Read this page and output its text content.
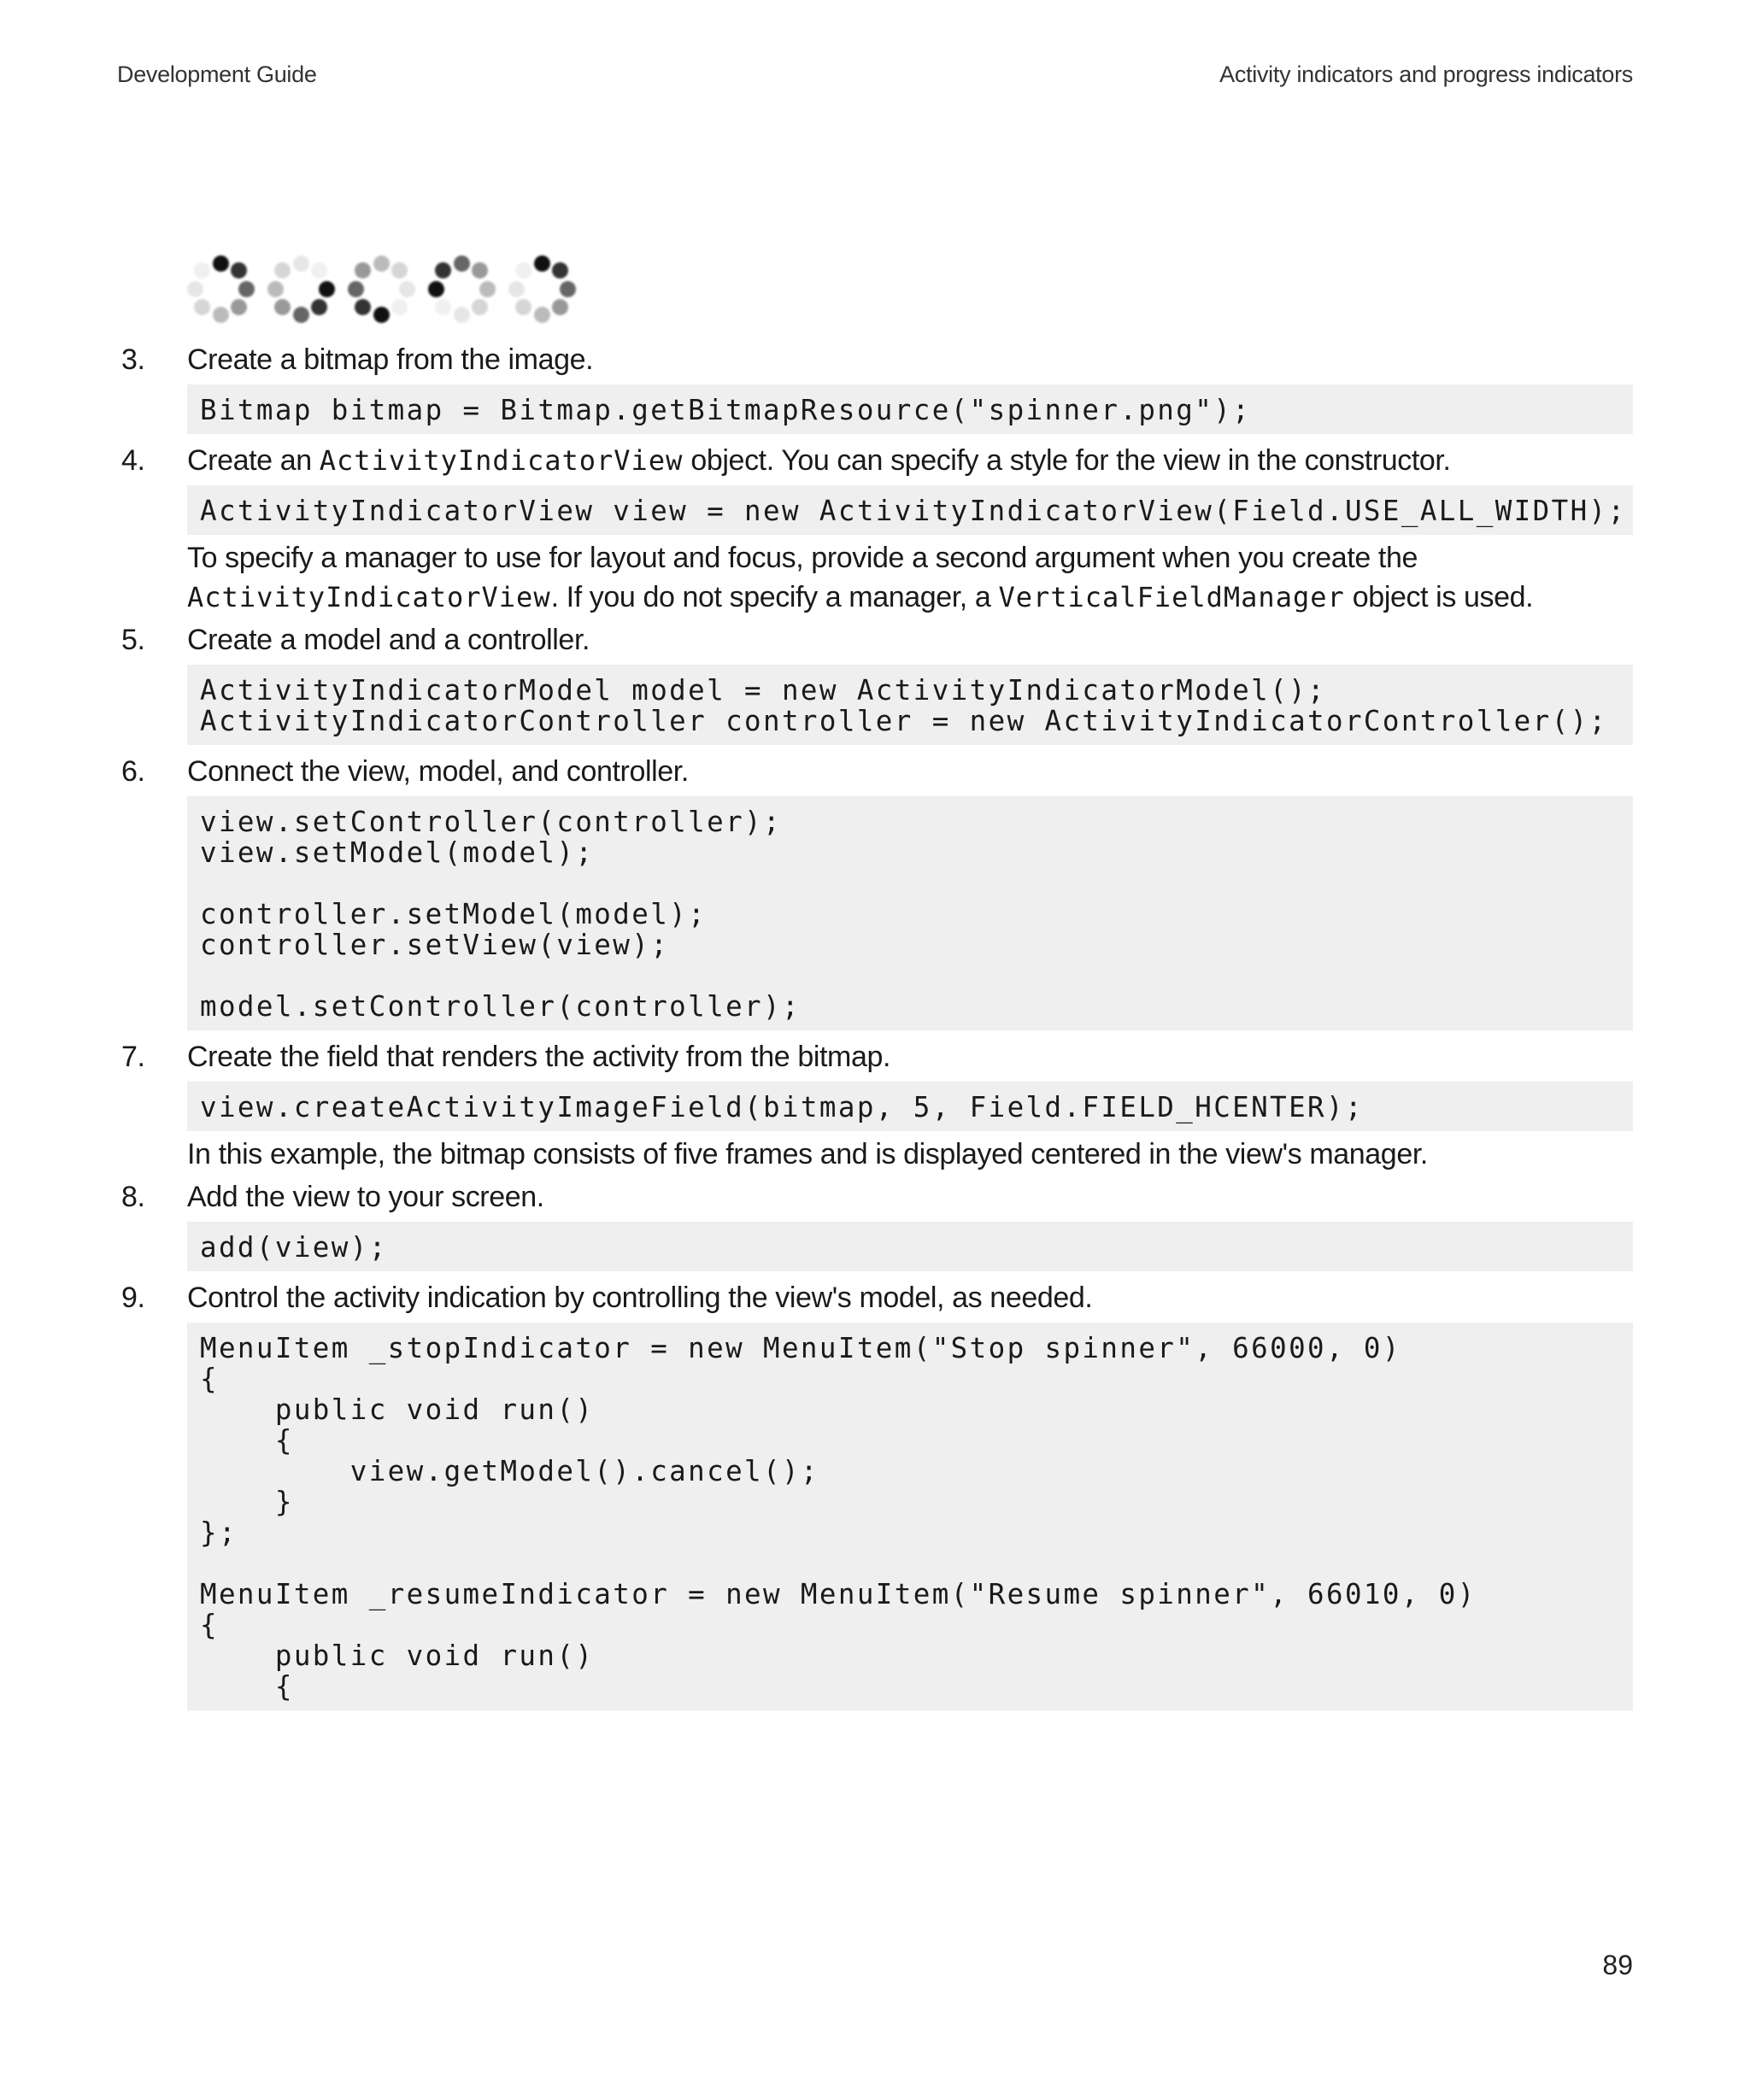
Development Guide	Activity indicators and progress indicators
3. Create a bitmap from the image.
Bitmap bitmap = Bitmap.getBitmapResource("spinner.png");
4. Create an ActivityIndicatorView object. You can specify a style for the view in the constructor.
ActivityIndicatorView view = new ActivityIndicatorView(Field.USE_ALL_WIDTH);
To specify a manager to use for layout and focus, provide a second argument when you create the
ActivityIndicatorView. If you do not specify a manager, a VerticalFieldManager object is used.
5. Create a model and a controller.
ActivityIndicatorModel model = new ActivityIndicatorModel();
ActivityIndicatorController controller = new ActivityIndicatorController();
6. Connect the view, model, and controller.
view.setController(controller);
view.setModel(model);

controller.setModel(model);
controller.setView(view);

model.setController(controller);
7. Create the field that renders the activity from the bitmap.
view.createActivityImageField(bitmap, 5, Field.FIELD_HCENTER);
In this example, the bitmap consists of five frames and is displayed centered in the view's manager.
8. Add the view to your screen.
add(view);
9. Control the activity indication by controlling the view's model, as needed.
MenuItem _stopIndicator = new MenuItem("Stop spinner", 66000, 0)
{
public void run()
{
view.getModel().cancel();
}
};

MenuItem _resumeIndicator = new MenuItem("Resume spinner", 66010, 0)
{
public void run()
{
89
